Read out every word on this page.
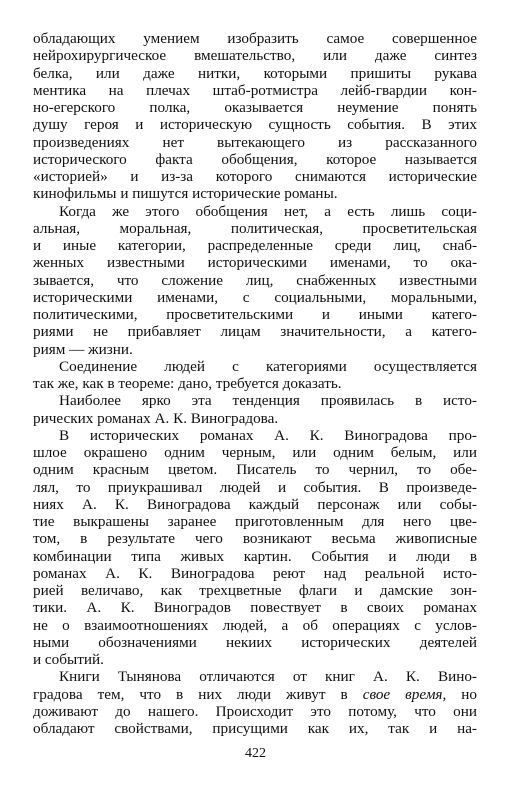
обладающих умением изобразить самое совершенное
нейрохирургическое вмешательство, или даже синтез
белка, или даже нитки, которыми пришиты рукава
ментика на плечах штаб-ротмистра лейб-гвардии кон-
но-егерского полка, оказывается неумение понять
душу героя и историческую сущность события. В этих
произведениях нет вытекающего из рассказанного
исторического факта обобщения, которое называется
«историей» и из-за которого снимаются исторические
кинофильмы и пишутся исторические романы.
Когда же этого обобщения нет, а есть лишь соци-
альная, моральная, политическая, просветительская
и иные категории, распределенные среди лиц, снаб-
женных известными историческими именами, то ока-
зывается, что сложение лиц, снабженных известными
историческими именами, с социальными, моральными,
политическими, просветительскими и иными катего-
риями не прибавляет лицам значительности, а катего-
риям — жизни.
Соединение людей с категориями осуществляется
так же, как в теореме: дано, требуется доказать.
Наиболее ярко эта тенденция проявилась в исто-
рических романах А. К. Виноградова.
В исторических романах А. К. Виноградова про-
шлое окрашено одним черным, или одним белым, или
одним красным цветом. Писатель то чернил, то обе-
лял, то приукрашивал людей и события. В произведе-
ниях А. К. Виноградова каждый персонаж или собы-
тие выкрашены заранее приготовленным для него цве-
том, в результате чего возникают весьма живописные
комбинации типа живых картин. События и люди в
романах А. К. Виноградова реют над реальной исто-
рией величаво, как трехцветные флаги и дамские зон-
тики. А. К. Виноградов повествует в своих романах
не о взаимоотношениях людей, а об операциях с услов-
ными обозначениями некиих исторических деятелей
и событий.
Книги Тынянова отличаются от книг А. К. Вино-
градова тем, что в них люди живут в свое время, но
доживают до нашего. Происходит это потому, что они
обладают свойствами, присущими как их, так и на-
422
